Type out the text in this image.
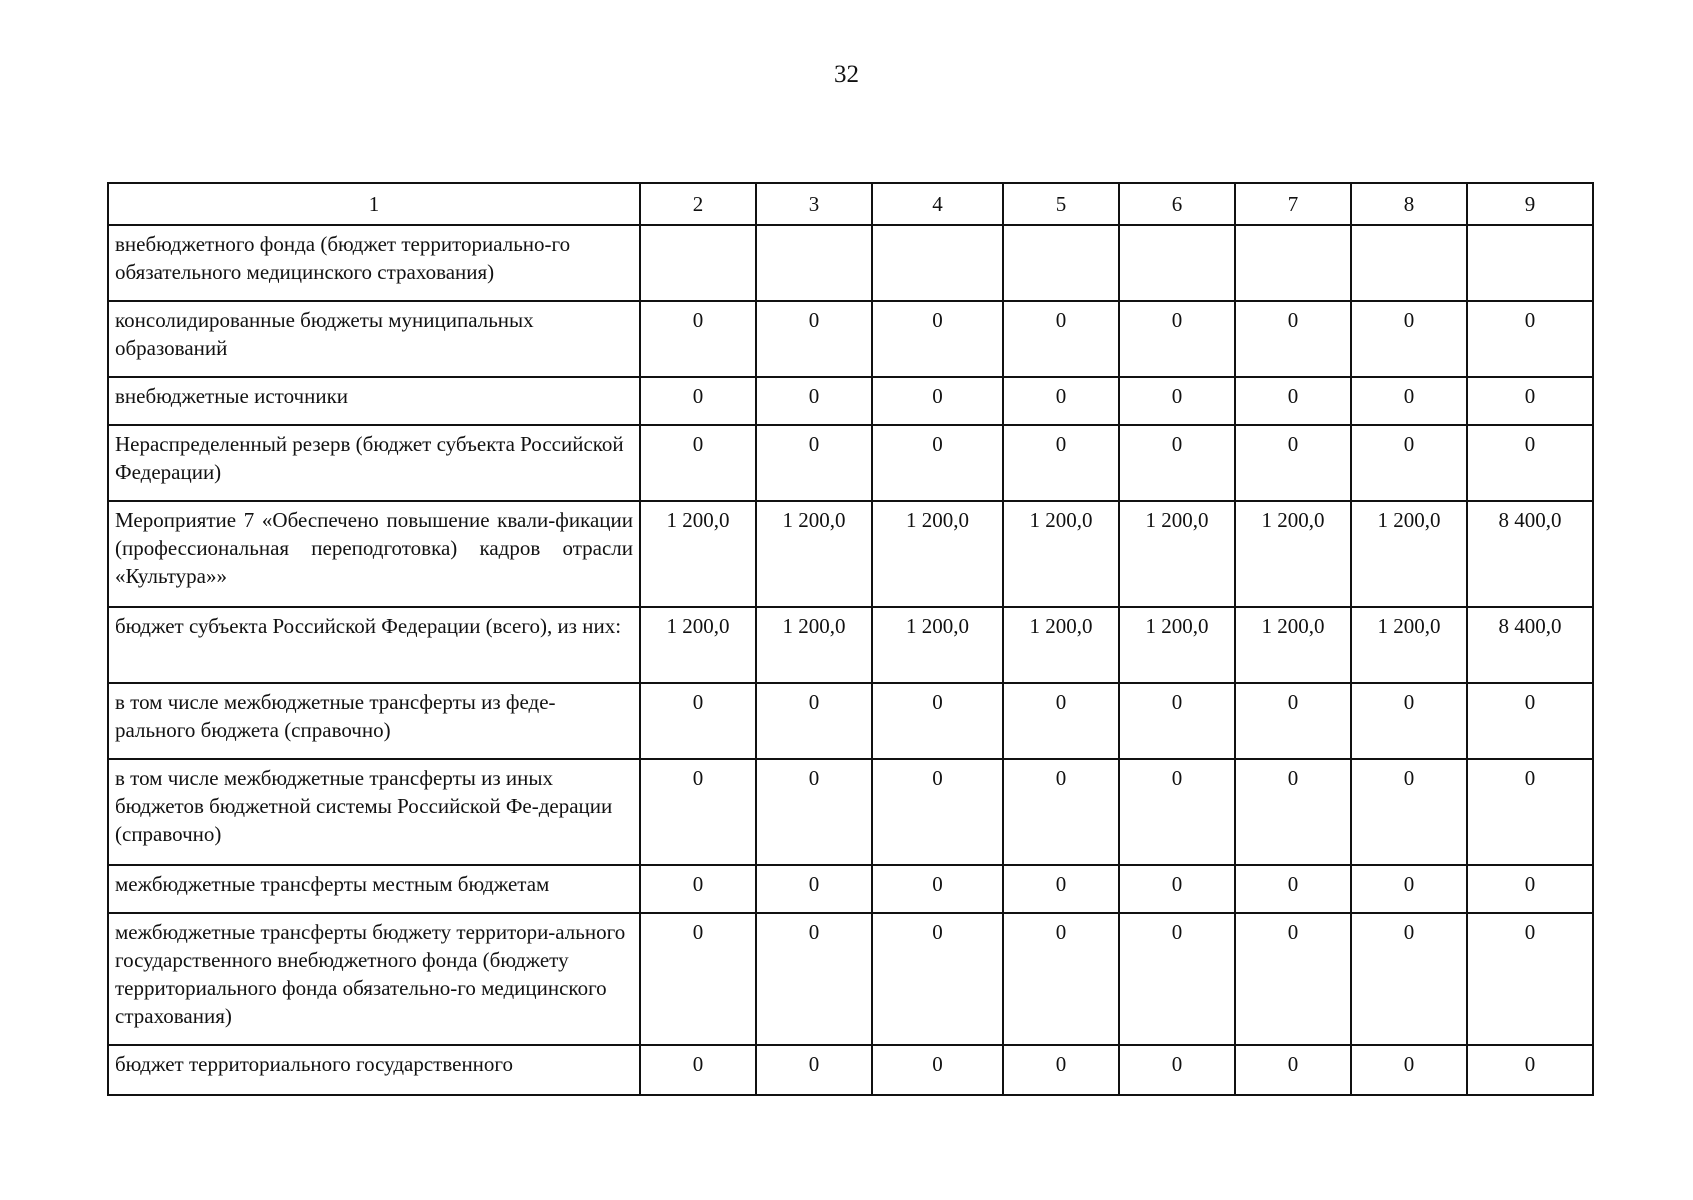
32
1	2	3	4	5	6	7	8	9
внебюджетного фонда (бюджет территориально-го обязательного медицинского страхования)								
консолидированные бюджеты муниципальных образований	0	0	0	0	0	0	0	0
внебюджетные источники	0	0	0	0	0	0	0	0
Нераспределенный резерв (бюджет субъекта Российской Федерации)	0	0	0	0	0	0	0	0
Мероприятие 7 «Обеспечено повышение квали-фикации (профессиональная переподготовка) кадров отрасли «Культура»»	1 200,0	1 200,0	1 200,0	1 200,0	1 200,0	1 200,0	1 200,0	8 400,0
бюджет субъекта Российской Федерации (всего), из них:	1 200,0	1 200,0	1 200,0	1 200,0	1 200,0	1 200,0	1 200,0	8 400,0
в том числе межбюджетные трансферты из феде-рального бюджета (справочно)	0	0	0	0	0	0	0	0
в том числе межбюджетные трансферты из иных бюджетов бюджетной системы Российской Фе-дерации (справочно)	0	0	0	0	0	0	0	0
межбюджетные трансферты местным бюджетам	0	0	0	0	0	0	0	0
межбюджетные трансферты бюджету территори-ального государственного внебюджетного фонда (бюджету территориального фонда обязательно-го медицинского страхования)	0	0	0	0	0	0	0	0
бюджет территориального государственного	0	0	0	0	0	0	0	0
